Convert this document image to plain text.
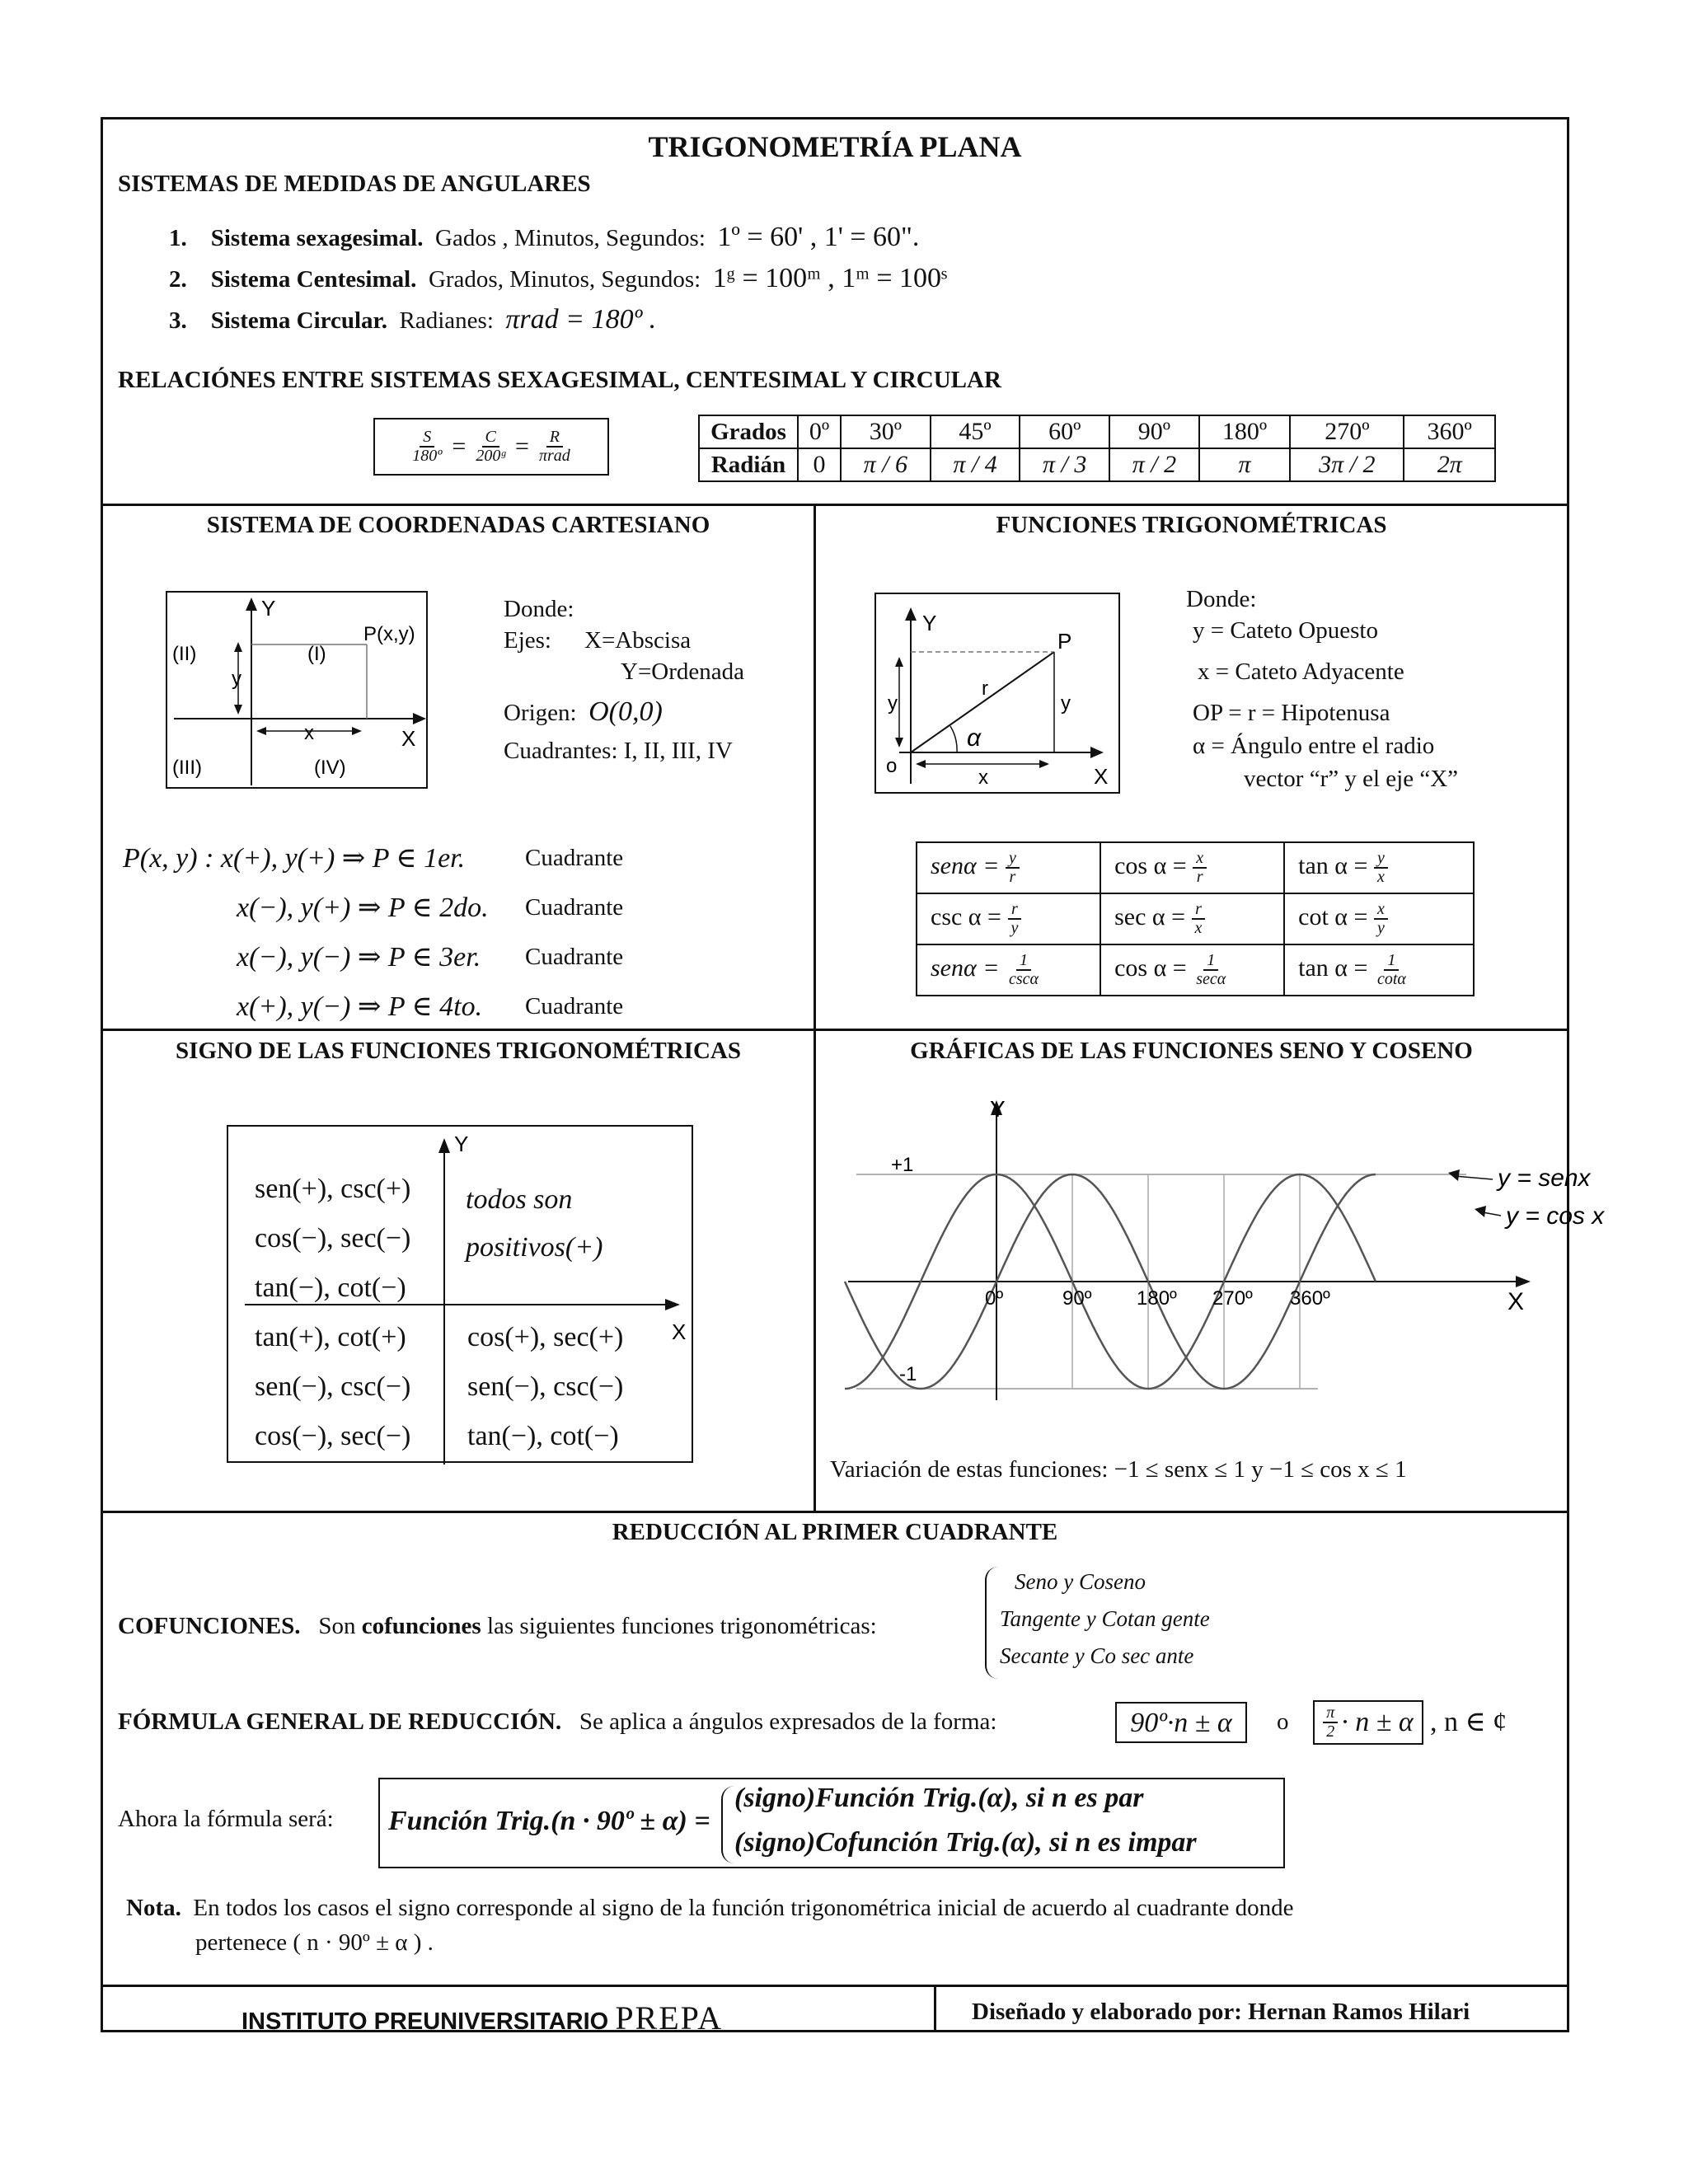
TRIGONOMETRÍA PLANA
SISTEMAS DE MEDIDAS DE ANGULARES
1. Sistema sexagesimal. Gados , Minutos, Segundos: 1º = 60' , 1' = 60".
2. Sistema Centesimal. Grados, Minutos, Segundos: 1ᵍ = 100ᵐ , 1ᵐ = 100ˢ
3. Sistema Circular. Radianes: πrad = 180º .
RELACIÓNES ENTRE SISTEMAS SEXAGESIMAL, CENTESIMAL Y CIRCULAR
$\frac{S}{\text{180º}} = \frac{C}{\text{200ᵍ}} = \frac{R}{\text{πrad}}$	Grados	0º	30º	45º	60º	90º	180º	270º	360º
Radián	0	π / 6	π / 4	π / 3	π / 2	π	3π / 2	2π
SISTEMA DE COORDENADAS CARTESIANO
Y
X
P(x,y)
(I)
(II)
(III)	(IV)
y
x
Donde:
Ejes: X=Abscisa
Y=Ordenada
Origen: O(0,0)
Cuadrantes: I, II, III, IV
P(x, y) : x(+), y(+) ⇒ P ∈ 1er.	Cuadrante
x(−), y(+) ⇒ P ∈ 2do. Cuadrante
x(−), y(−) ⇒ P ∈ 3er. Cuadrante
x(+), y(−) ⇒ P ∈ 4to. Cuadrante
FUNCIONES TRIGONOMÉTRICAS
Y
X
P
r
y	y
o
x
α
Donde:
y = Cateto Opuesto
x = Cateto Adyacente
OP = r = Hipotenusa
α = Ángulo entre el radio
vector “r” y el eje “X”
$sen\alpha = \frac{y}{r}$	$\cos \alpha = \frac{x}{r}$	$\tan \alpha = \frac{y}{x}$

$\csc \alpha = \frac{r}{y}$	$\sec \alpha = \frac{r}{x}$	$\cot \alpha = \frac{x}{y}$

$sen\alpha = \frac{1}{\csc\alpha}$	$\cos \alpha = \frac{1}{\sec\alpha}$	$\tan \alpha = \frac{1}{\cot\alpha}$
SIGNO DE LAS FUNCIONES TRIGONOMÉTRICAS
Y
X
sen(+), csc(+)
cos(−), sec(−)
tan(−), cot(−)
todos son
positivos(+)
tan(+), cot(+)
sen(−), csc(−)
cos(−), sec(−)
cos(+), sec(+)
sen(−), csc(−)
tan(−), cot(−)
GRÁFICAS DE LAS FUNCIONES SENO Y COSENO
+1
-1
Y
X
0º	90º 180º 270º 360º
y = senx
y = cos x
Variación de estas funciones: −1 ≤ senx ≤ 1 y −1 ≤ cos x ≤ 1
REDUCCIÓN AL PRIMER CUADRANTE
COFUNCIONES. Son cofunciones las siguientes funciones trigonométricas:
Seno y Coseno
Tangente y Cotan gente
Secante y Co sec ante
FÓRMULA GENERAL DE REDUCCIÓN. Se aplica a ángulos expresados de la forma:	90º·n ± α	o $\frac{\pi}{2} \cdot n \pm \alpha$ , n ∈ ¢
Ahora la fórmula será: Función Trig.(n · 90º ± α) =
(signo)Función Trig.(α), si n es par
(signo)Cofunción Trig.(α), si n es impar
Nota. En todos los casos el signo corresponde al signo de la función trigonométrica inicial de acuerdo al cuadrante donde
pertenece ( n · 90º ± α ) .
INSTITUTO PREUNIVERSITARIO PREPA	Diseñado y elaborado por: Hernan Ramos Hilari
